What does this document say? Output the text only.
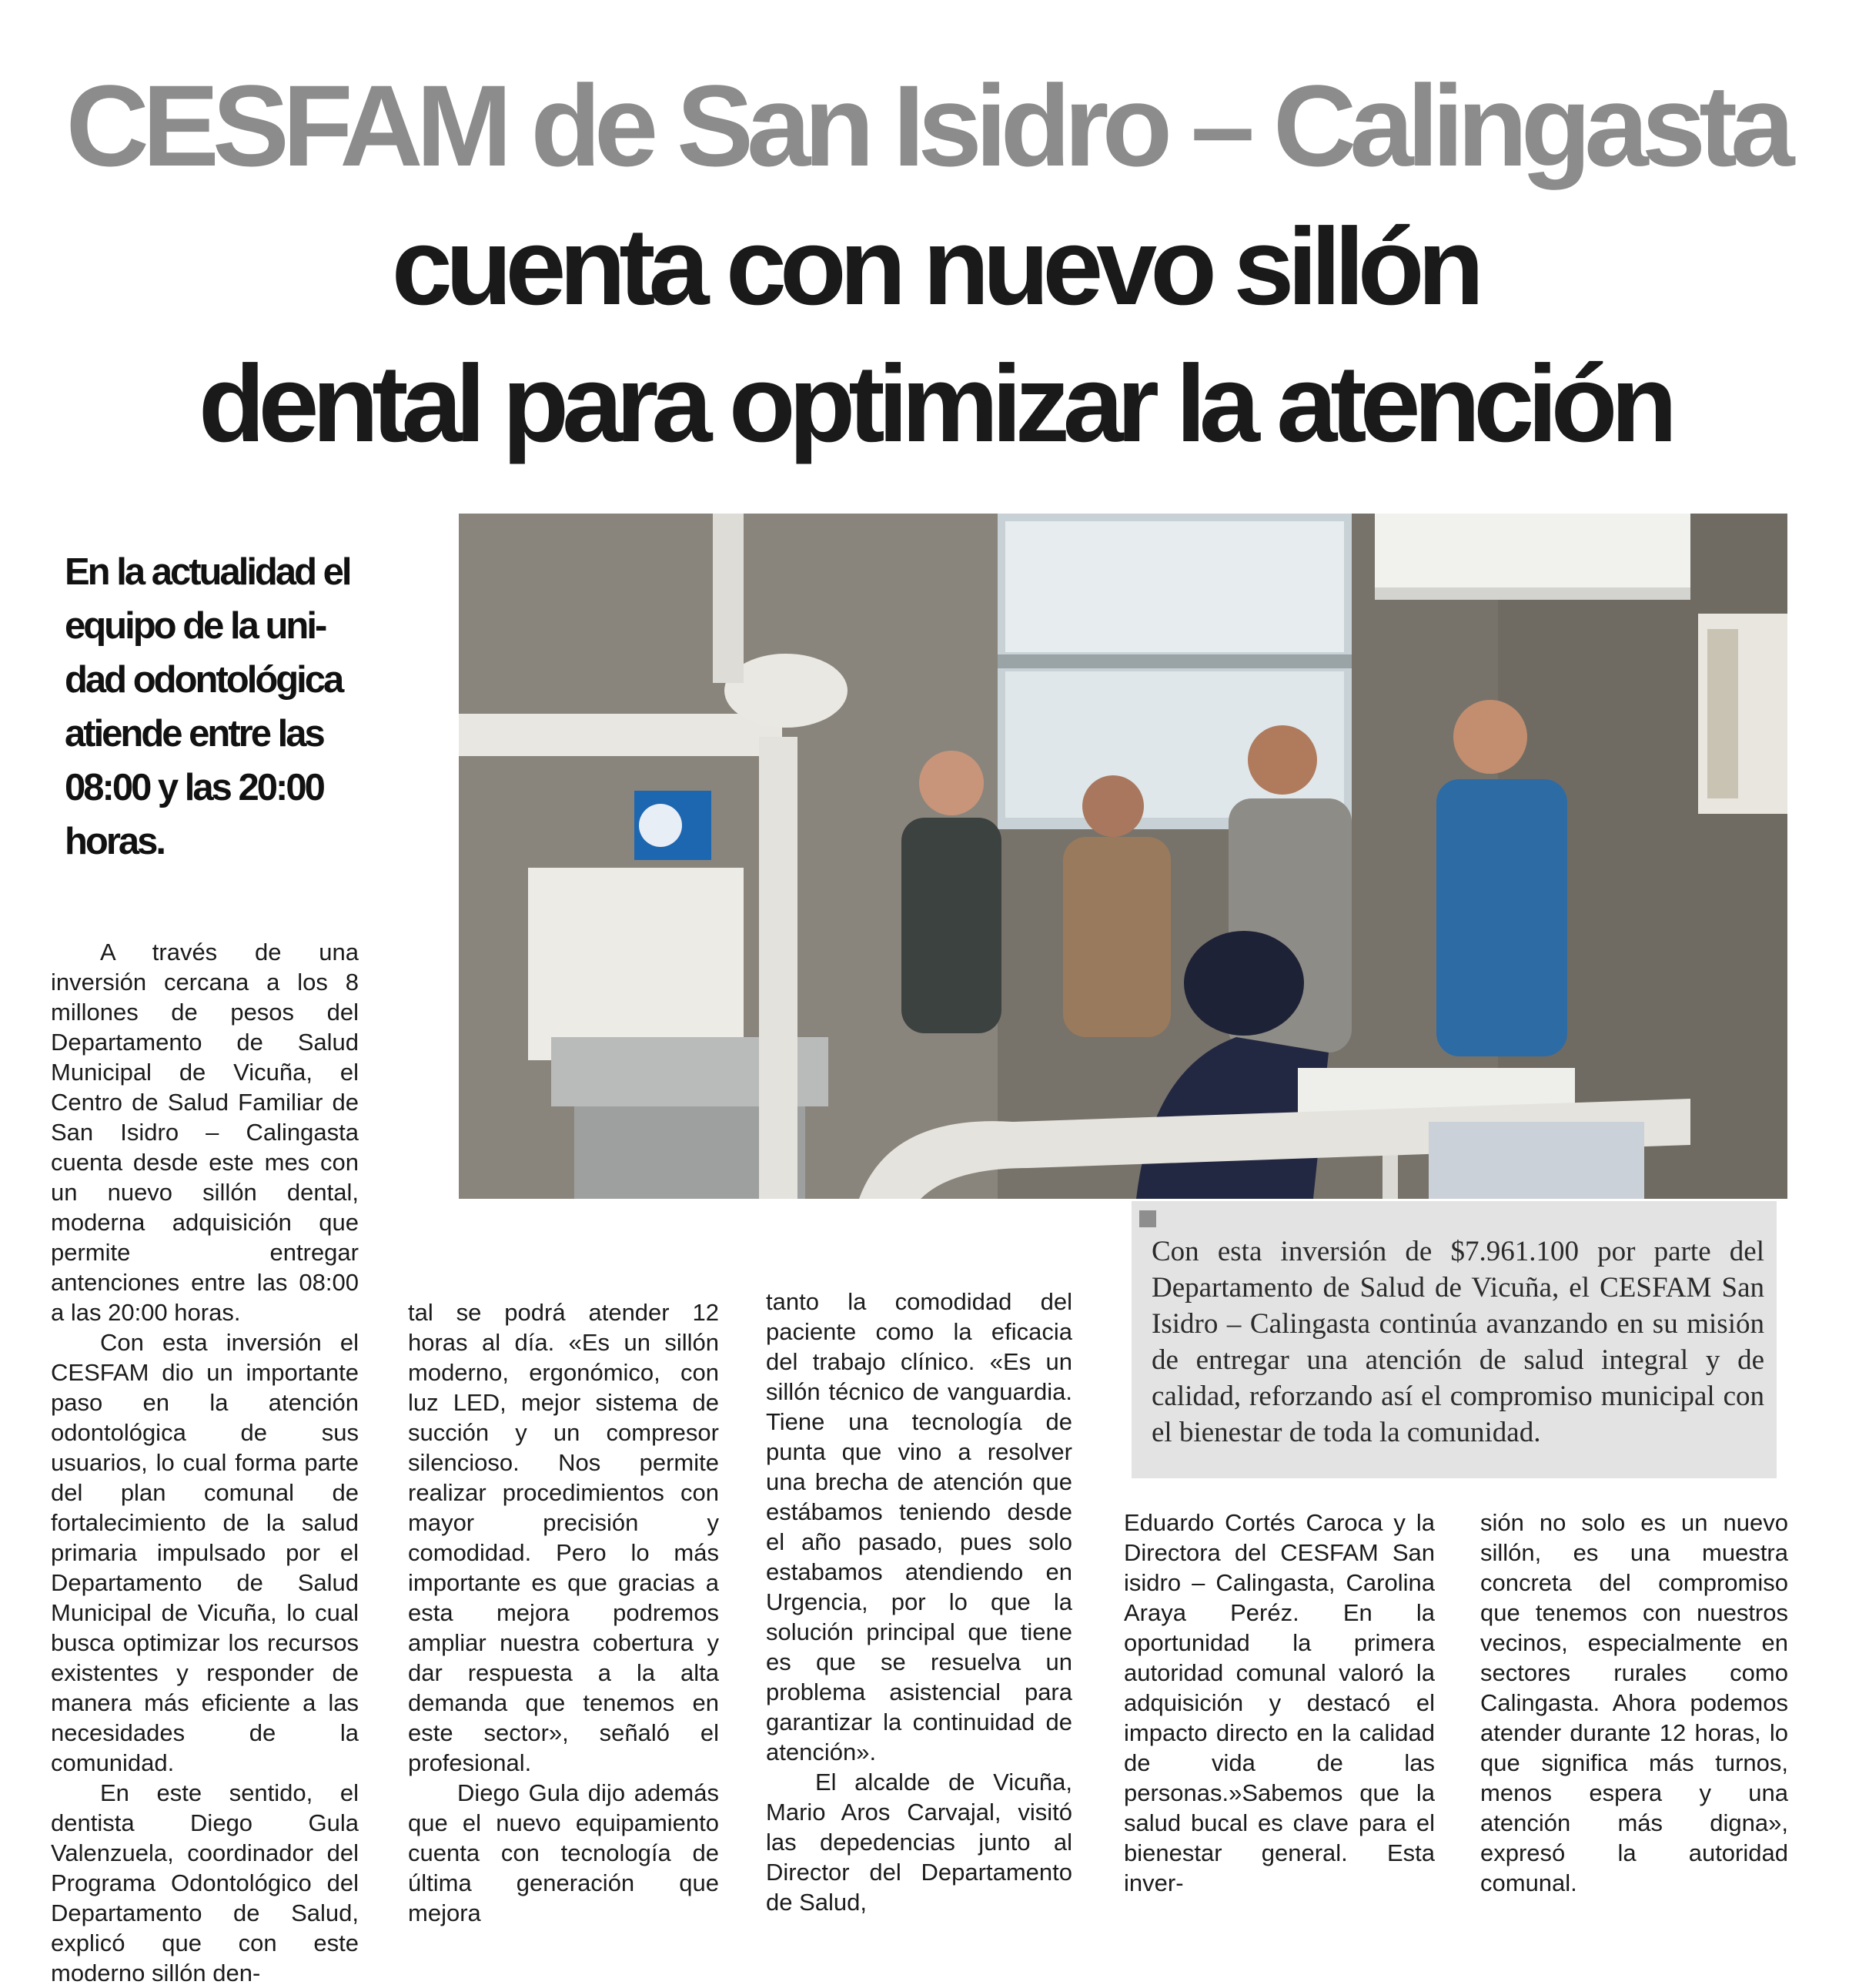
CESFAM de San Isidro – Calingasta
cuenta con nuevo sillón
dental para optimizar la atención

En la actualidad el

equipo de la uni-

dad odontológica

atiende entre las

08:00 y las 20:00

horas.

Con esta inversión de $7.961.100 por parte del Departamento de Salud de Vicuña, el CESFAM San Isidro – Calingasta continúa avanzando en su misión de entregar una atención de salud integral y de calidad, reforzando así el compromiso municipal con el bienestar de toda la comunidad.

A través de una inversión cercana a los 8 millones de pesos del Departamento de Salud Municipal de Vicuña, el Centro de Salud Familiar de San Isidro – Calingasta cuenta desde este mes con un nuevo sillón dental, moderna adquisición que permite entregar antenciones entre las 08:00 a las 20:00 horas.

Con esta inversión el CESFAM dio un importante paso en la atención odontológica de sus usuarios, lo cual forma parte del plan comunal de fortalecimiento de la salud primaria impulsado por el Departamento de Salud Municipal de Vicuña, lo cual busca optimizar los recursos existentes y responder de manera más eficiente a las necesidades de la comunidad.

En este sentido, el dentista Diego Gula Valenzuela, coordinador del Programa Odontológico del Departamento de Salud, explicó que con este moderno sillón den-

tal se podrá atender 12 horas al día. «Es un sillón moderno, ergonómico, con luz LED, mejor sistema de succión y un compresor silencioso. Nos permite realizar procedimientos con mayor precisión y comodidad. Pero lo más importante es que gracias a esta mejora podremos ampliar nuestra cobertura y dar respuesta a la alta demanda que tenemos en este sector», señaló el profesional.

Diego Gula dijo además que el nuevo equipamiento cuenta con tecnología de última generación que mejora

tanto la comodidad del paciente como la eficacia del trabajo clínico. «Es un sillón técnico de vanguardia. Tiene una tecnología de punta que vino a resolver una brecha de atención que estábamos teniendo desde el año pasado, pues solo estabamos atendiendo en Urgencia, por lo que la solución principal que tiene es que se resuelva un problema asistencial para garantizar la continuidad de atención».

El alcalde de Vicuña, Mario Aros Carvajal, visitó las depedencias junto al Director del Departamento de Salud,

Eduardo Cortés Caroca y la Directora del CESFAM San isidro – Calingasta, Carolina Araya Peréz. En la oportunidad la primera autoridad comunal valoró la adquisición y destacó el impacto directo en la calidad de vida de las personas.»Sabemos que la salud bucal es clave para el bienestar general. Esta inver-

sión no solo es un nuevo sillón, es una muestra concreta del compromiso que tenemos con nuestros vecinos, especialmente en sectores rurales como Calingasta. Ahora podemos atender durante 12 horas, lo que significa más turnos, menos espera y una atención más digna», expresó la autoridad comunal.
